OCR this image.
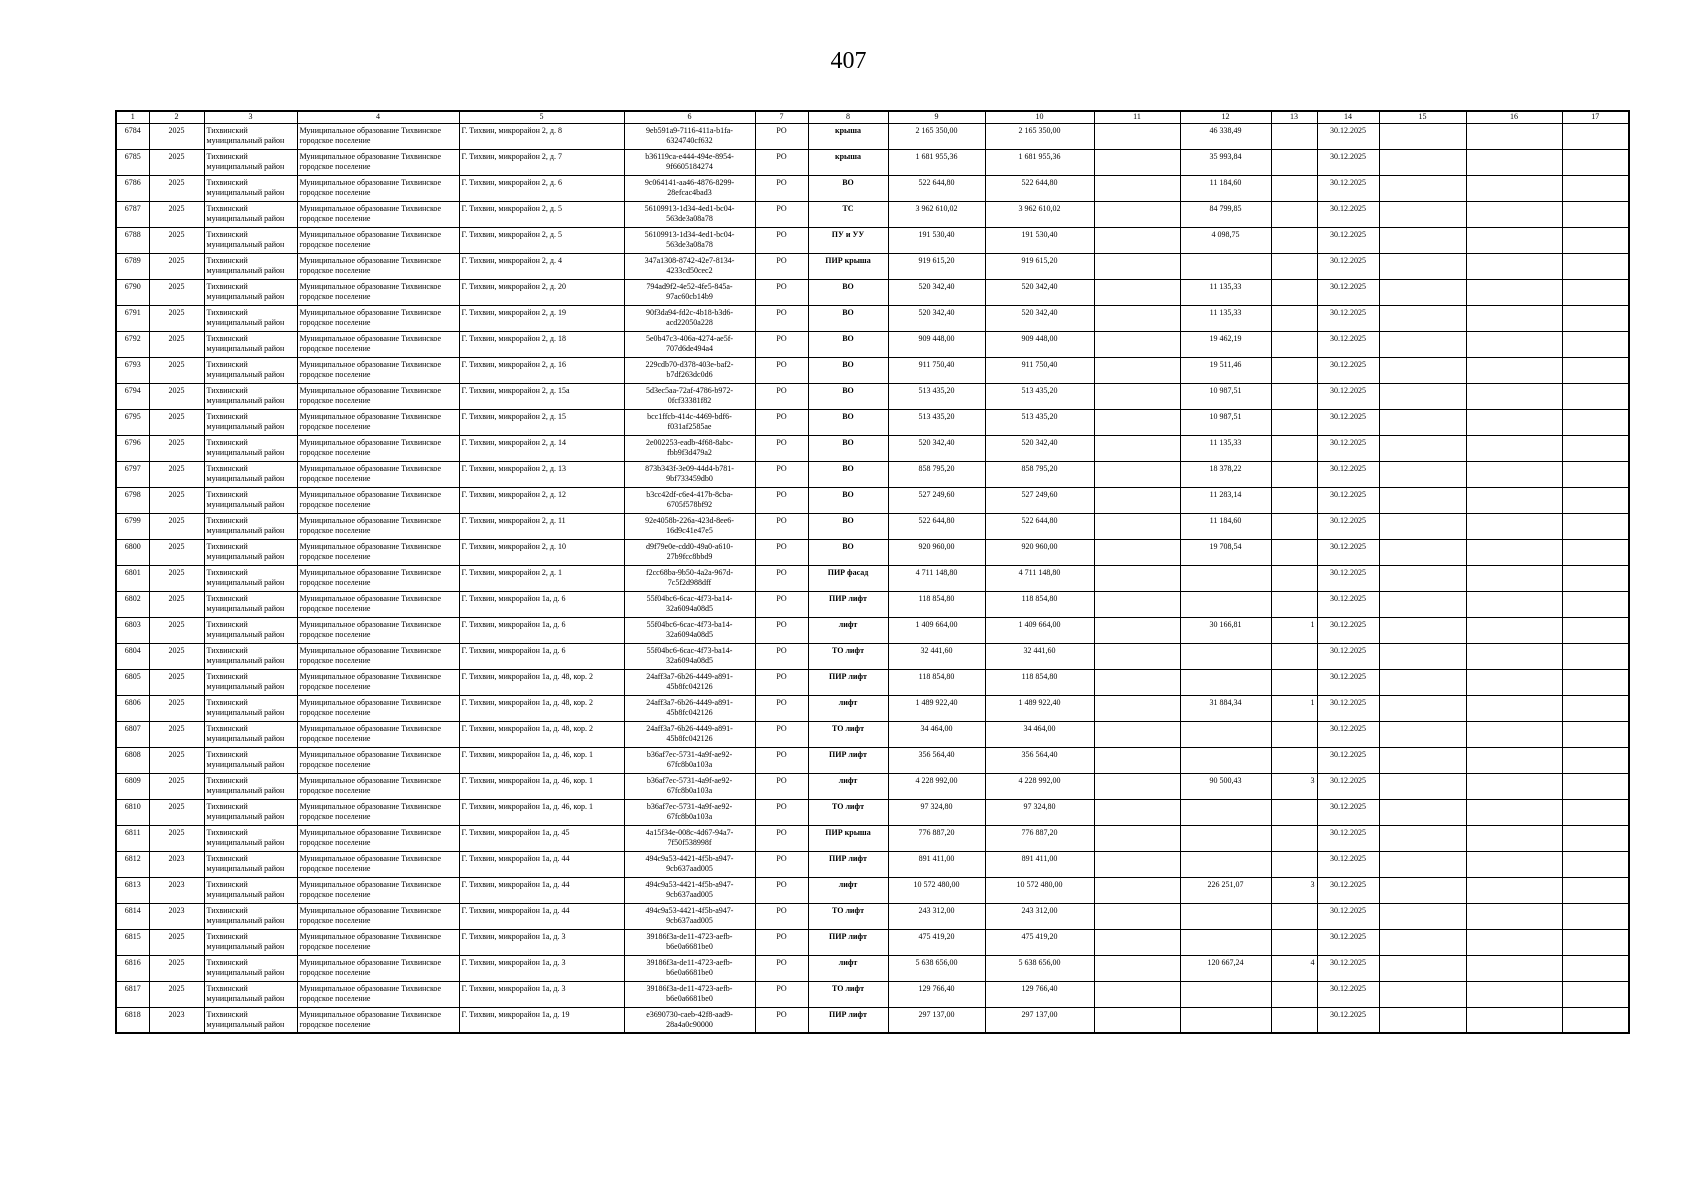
407
1	2	3	4	5	6	7	8	9	10	11	12	13	14	15	16	17
6784	2025	Тихвинский муниципальный район	Муниципальное образование Тихвинское городское поселение	Г. Тихвин, микрорайон 2, д. 8	9eb591a9-7116-411a-b1fa-6324740cf632	РО	крыша	2 165 350,00	2 165 350,00		46 338,49		30.12.2025			
6785	2025	Тихвинский муниципальный район	Муниципальное образование Тихвинское городское поселение	Г. Тихвин, микрорайон 2, д. 7	b36119ca-e444-494e-8954-9f6605184274	РО	крыша	1 681 955,36	1 681 955,36		35 993,84		30.12.2025			
6786	2025	Тихвинский муниципальный район	Муниципальное образование Тихвинское городское поселение	Г. Тихвин, микрорайон 2, д. 6	9c064141-aa46-4876-8299-28efcac4bad3	РО	ВО	522 644,80	522 644,80		11 184,60		30.12.2025			
6787	2025	Тихвинский муниципальный район	Муниципальное образование Тихвинское городское поселение	Г. Тихвин, микрорайон 2, д. 5	56109913-1d34-4ed1-bc04-563de3a08a78	РО	ТС	3 962 610,02	3 962 610,02		84 799,85		30.12.2025			
6788	2025	Тихвинский муниципальный район	Муниципальное образование Тихвинское городское поселение	Г. Тихвин, микрорайон 2, д. 5	56109913-1d34-4ed1-bc04-563de3a08a78	РО	ПУ и УУ	191 530,40	191 530,40		4 098,75		30.12.2025			
6789	2025	Тихвинский муниципальный район	Муниципальное образование Тихвинское городское поселение	Г. Тихвин, микрорайон 2, д. 4	347a1308-8742-42e7-8134-4233cd50cec2	РО	ПИР крыша	919 615,20	919 615,20				30.12.2025			
6790	2025	Тихвинский муниципальный район	Муниципальное образование Тихвинское городское поселение	Г. Тихвин, микрорайон 2, д. 20	794ad9f2-4e52-4fe5-845a-97ac60cb14b9	РО	ВО	520 342,40	520 342,40		11 135,33		30.12.2025			
6791	2025	Тихвинский муниципальный район	Муниципальное образование Тихвинское городское поселение	Г. Тихвин, микрорайон 2, д. 19	90f3da94-fd2c-4b18-b3d6-acd22050a228	РО	ВО	520 342,40	520 342,40		11 135,33		30.12.2025			
6792	2025	Тихвинский муниципальный район	Муниципальное образование Тихвинское городское поселение	Г. Тихвин, микрорайон 2, д. 18	5e0b47c3-406a-4274-ae5f-707d6de494a4	РО	ВО	909 448,00	909 448,00		19 462,19		30.12.2025			
6793	2025	Тихвинский муниципальный район	Муниципальное образование Тихвинское городское поселение	Г. Тихвин, микрорайон 2, д. 16	229cdb70-d378-403e-baf2-b7df263dc0d6	РО	ВО	911 750,40	911 750,40		19 511,46		30.12.2025			
6794	2025	Тихвинский муниципальный район	Муниципальное образование Тихвинское городское поселение	Г. Тихвин, микрорайон 2, д. 15а	5d3ec5aa-72af-4786-b972-0fcf33381f82	РО	ВО	513 435,20	513 435,20		10 987,51		30.12.2025			
6795	2025	Тихвинский муниципальный район	Муниципальное образование Тихвинское городское поселение	Г. Тихвин, микрорайон 2, д. 15	bcc1ffcb-414c-4469-bdf6-f031af2585ae	РО	ВО	513 435,20	513 435,20		10 987,51		30.12.2025			
6796	2025	Тихвинский муниципальный район	Муниципальное образование Тихвинское городское поселение	Г. Тихвин, микрорайон 2, д. 14	2e002253-eadb-4f68-8abc-fbb9f3d479a2	РО	ВО	520 342,40	520 342,40		11 135,33		30.12.2025			
6797	2025	Тихвинский муниципальный район	Муниципальное образование Тихвинское городское поселение	Г. Тихвин, микрорайон 2, д. 13	873b343f-3e09-44d4-b781-9bf733459db0	РО	ВО	858 795,20	858 795,20		18 378,22		30.12.2025			
6798	2025	Тихвинский муниципальный район	Муниципальное образование Тихвинское городское поселение	Г. Тихвин, микрорайон 2, д. 12	b3cc42df-c6e4-417b-8cba-6705f578bf92	РО	ВО	527 249,60	527 249,60		11 283,14		30.12.2025			
6799	2025	Тихвинский муниципальный район	Муниципальное образование Тихвинское городское поселение	Г. Тихвин, микрорайон 2, д. 11	92e4058b-226a-423d-8ee6-16d9c41e47e5	РО	ВО	522 644,80	522 644,80		11 184,60		30.12.2025			
6800	2025	Тихвинский муниципальный район	Муниципальное образование Тихвинское городское поселение	Г. Тихвин, микрорайон 2, д. 10	d9f79e0e-cdd0-49a0-a610-27b9fcc8bbd9	РО	ВО	920 960,00	920 960,00		19 708,54		30.12.2025			
6801	2025	Тихвинский муниципальный район	Муниципальное образование Тихвинское городское поселение	Г. Тихвин, микрорайон 2, д. 1	f2cc68ba-9b50-4a2a-967d-7c5f2d988dff	РО	ПИР фасад	4 711 148,80	4 711 148,80				30.12.2025			
6802	2025	Тихвинский муниципальный район	Муниципальное образование Тихвинское городское поселение	Г. Тихвин, микрорайон 1а, д. 6	55f04bc6-6cac-4f73-ba14-32a6094a08d5	РО	ПИР лифт	118 854,80	118 854,80				30.12.2025			
6803	2025	Тихвинский муниципальный район	Муниципальное образование Тихвинское городское поселение	Г. Тихвин, микрорайон 1а, д. 6	55f04bc6-6cac-4f73-ba14-32a6094a08d5	РО	лифт	1 409 664,00	1 409 664,00		30 166,81	1	30.12.2025			
6804	2025	Тихвинский муниципальный район	Муниципальное образование Тихвинское городское поселение	Г. Тихвин, микрорайон 1а, д. 6	55f04bc6-6cac-4f73-ba14-32a6094a08d5	РО	ТО лифт	32 441,60	32 441,60				30.12.2025			
6805	2025	Тихвинский муниципальный район	Муниципальное образование Тихвинское городское поселение	Г. Тихвин, микрорайон 1а, д. 48, кор. 2	24aff3a7-6b26-4449-a891-45b8fc042126	РО	ПИР лифт	118 854,80	118 854,80				30.12.2025			
6806	2025	Тихвинский муниципальный район	Муниципальное образование Тихвинское городское поселение	Г. Тихвин, микрорайон 1а, д. 48, кор. 2	24aff3a7-6b26-4449-a891-45b8fc042126	РО	лифт	1 489 922,40	1 489 922,40		31 884,34	1	30.12.2025			
6807	2025	Тихвинский муниципальный район	Муниципальное образование Тихвинское городское поселение	Г. Тихвин, микрорайон 1а, д. 48, кор. 2	24aff3a7-6b26-4449-a891-45b8fc042126	РО	ТО лифт	34 464,00	34 464,00				30.12.2025			
6808	2025	Тихвинский муниципальный район	Муниципальное образование Тихвинское городское поселение	Г. Тихвин, микрорайон 1а, д. 46, кор. 1	b36af7ec-5731-4a9f-ae92-67fc8b0a103a	РО	ПИР лифт	356 564,40	356 564,40				30.12.2025			
6809	2025	Тихвинский муниципальный район	Муниципальное образование Тихвинское городское поселение	Г. Тихвин, микрорайон 1а, д. 46, кор. 1	b36af7ec-5731-4a9f-ae92-67fc8b0a103a	РО	лифт	4 228 992,00	4 228 992,00		90 500,43	3	30.12.2025			
6810	2025	Тихвинский муниципальный район	Муниципальное образование Тихвинское городское поселение	Г. Тихвин, микрорайон 1а, д. 46, кор. 1	b36af7ec-5731-4a9f-ae92-67fc8b0a103a	РО	ТО лифт	97 324,80	97 324,80				30.12.2025			
6811	2025	Тихвинский муниципальный район	Муниципальное образование Тихвинское городское поселение	Г. Тихвин, микрорайон 1а, д. 45	4a15f34e-008c-4d67-94a7-7f50f538998f	РО	ПИР крыша	776 887,20	776 887,20				30.12.2025			
6812	2023	Тихвинский муниципальный район	Муниципальное образование Тихвинское городское поселение	Г. Тихвин, микрорайон 1а, д. 44	494c9a53-4421-4f5b-a947-9cb637aad005	РО	ПИР лифт	891 411,00	891 411,00				30.12.2025			
6813	2023	Тихвинский муниципальный район	Муниципальное образование Тихвинское городское поселение	Г. Тихвин, микрорайон 1а, д. 44	494c9a53-4421-4f5b-a947-9cb637aad005	РО	лифт	10 572 480,00	10 572 480,00		226 251,07	3	30.12.2025			
6814	2023	Тихвинский муниципальный район	Муниципальное образование Тихвинское городское поселение	Г. Тихвин, микрорайон 1а, д. 44	494c9a53-4421-4f5b-a947-9cb637aad005	РО	ТО лифт	243 312,00	243 312,00				30.12.2025			
6815	2025	Тихвинский муниципальный район	Муниципальное образование Тихвинское городское поселение	Г. Тихвин, микрорайон 1а, д. 3	39186f3a-de11-4723-aefb-b6e0a6681be0	РО	ПИР лифт	475 419,20	475 419,20				30.12.2025			
6816	2025	Тихвинский муниципальный район	Муниципальное образование Тихвинское городское поселение	Г. Тихвин, микрорайон 1а, д. 3	39186f3a-de11-4723-aefb-b6e0a6681be0	РО	лифт	5 638 656,00	5 638 656,00		120 667,24	4	30.12.2025			
6817	2025	Тихвинский муниципальный район	Муниципальное образование Тихвинское городское поселение	Г. Тихвин, микрорайон 1а, д. 3	39186f3a-de11-4723-aefb-b6e0a6681be0	РО	ТО лифт	129 766,40	129 766,40				30.12.2025			
6818	2023	Тихвинский муниципальный район	Муниципальное образование Тихвинское городское поселение	Г. Тихвин, микрорайон 1а, д. 19	e3690730-caeb-42f8-aad9-28a4a0c90000	РО	ПИР лифт	297 137,00	297 137,00				30.12.2025			
